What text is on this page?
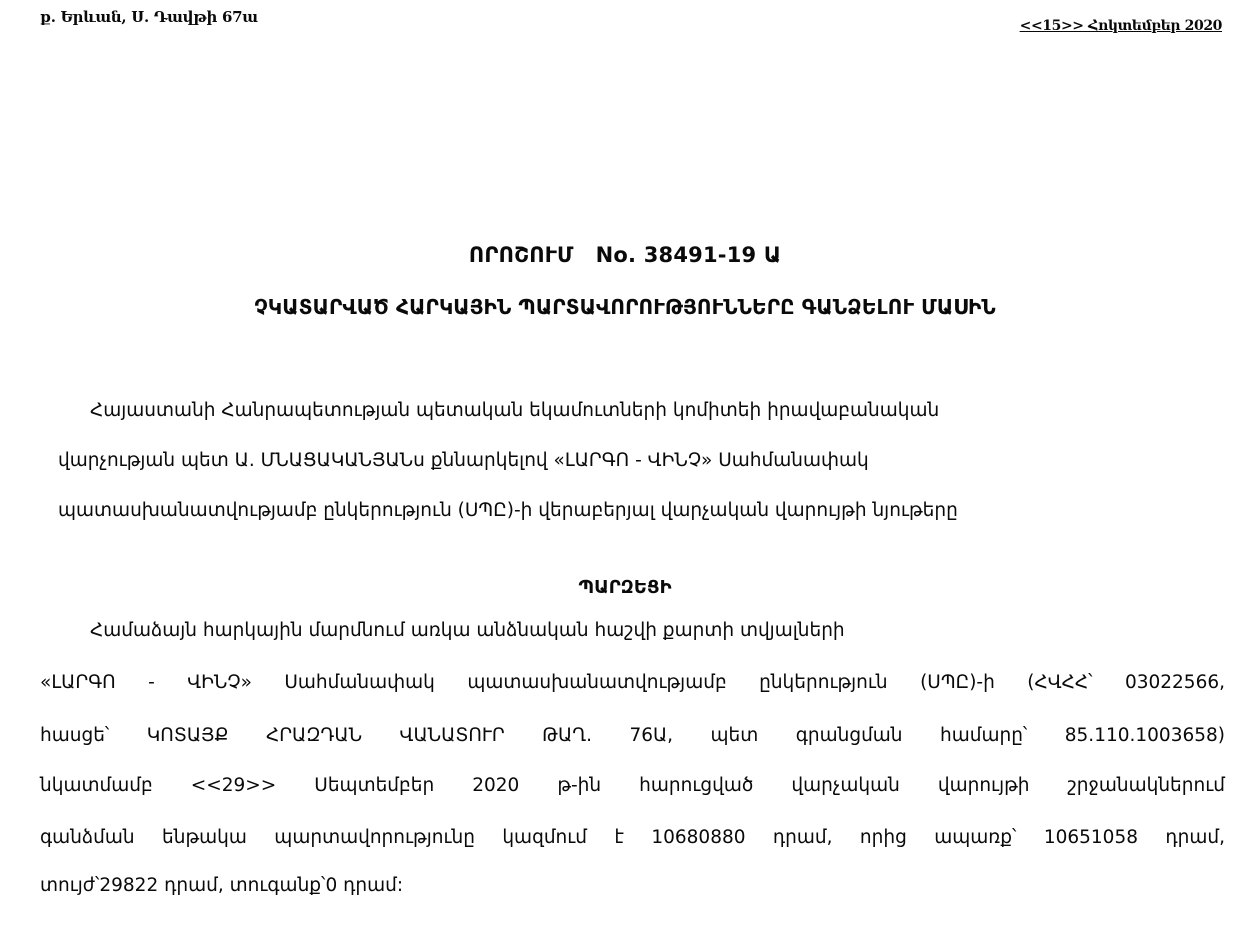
ք. Երևան, Ս. Դավթի 67ա	<<15>> Հոկտեմբեր 2020
ՈՐՈՇՈՒՄ No. 38491-19 Ա
ՉԿԱՏԱՐՎԱԾ ՀԱՐԿԱՅԻՆ ՊԱՐՏԱՎՈՐՈՒԹՅՈՒՆՆԵՐԸ ԳԱՆՁԵԼՈՒ ՄԱՍԻՆ
Հայաստանի Հանրապետության պետական եկամուտների կոմիտեի իրավաբանական
վարչության պետ Ա. ՄՆԱՑԱԿԱՆՅԱՆս քննարկելով «ԼԱՐԳՈ - ՎԻՆՉ» Սահմանափակ
պատասխանատվությամբ ընկերություն (ՍՊԸ)-ի վերաբերյալ վարչական վարույթի նյութերը
ՊԱՐԶԵՑԻ
Համաձայն հարկային մարմնում առկա անձնական հաշվի քարտի տվյալների
«ԼԱՐԳՈ - ՎԻՆՉ» Սահմանափակ պատասխանատվությամբ ընկերություն (ՍՊԸ)-ի (ՀՎՀՀ՝ 03022566,
հասցե՝ ԿՈՏԱՅՔ ՀՐԱԶԴԱՆ ՎԱՆԱՏՈՒՐ ԹԱՂ. 76Ա, պետ գրանցման համարը՝ 85.110.1003658)
նկատմամբ <<29>> Սեպտեմբեր 2020 թ-ին հարուցված վարչական վարույթի շրջանակներում
գանձման ենթակա պարտավորությունը կազմում է 10680880 դրամ, որից ապառք՝ 10651058 դրամ,
տույժ՝29822 դրամ, տուգանք՝0 դրամ:
